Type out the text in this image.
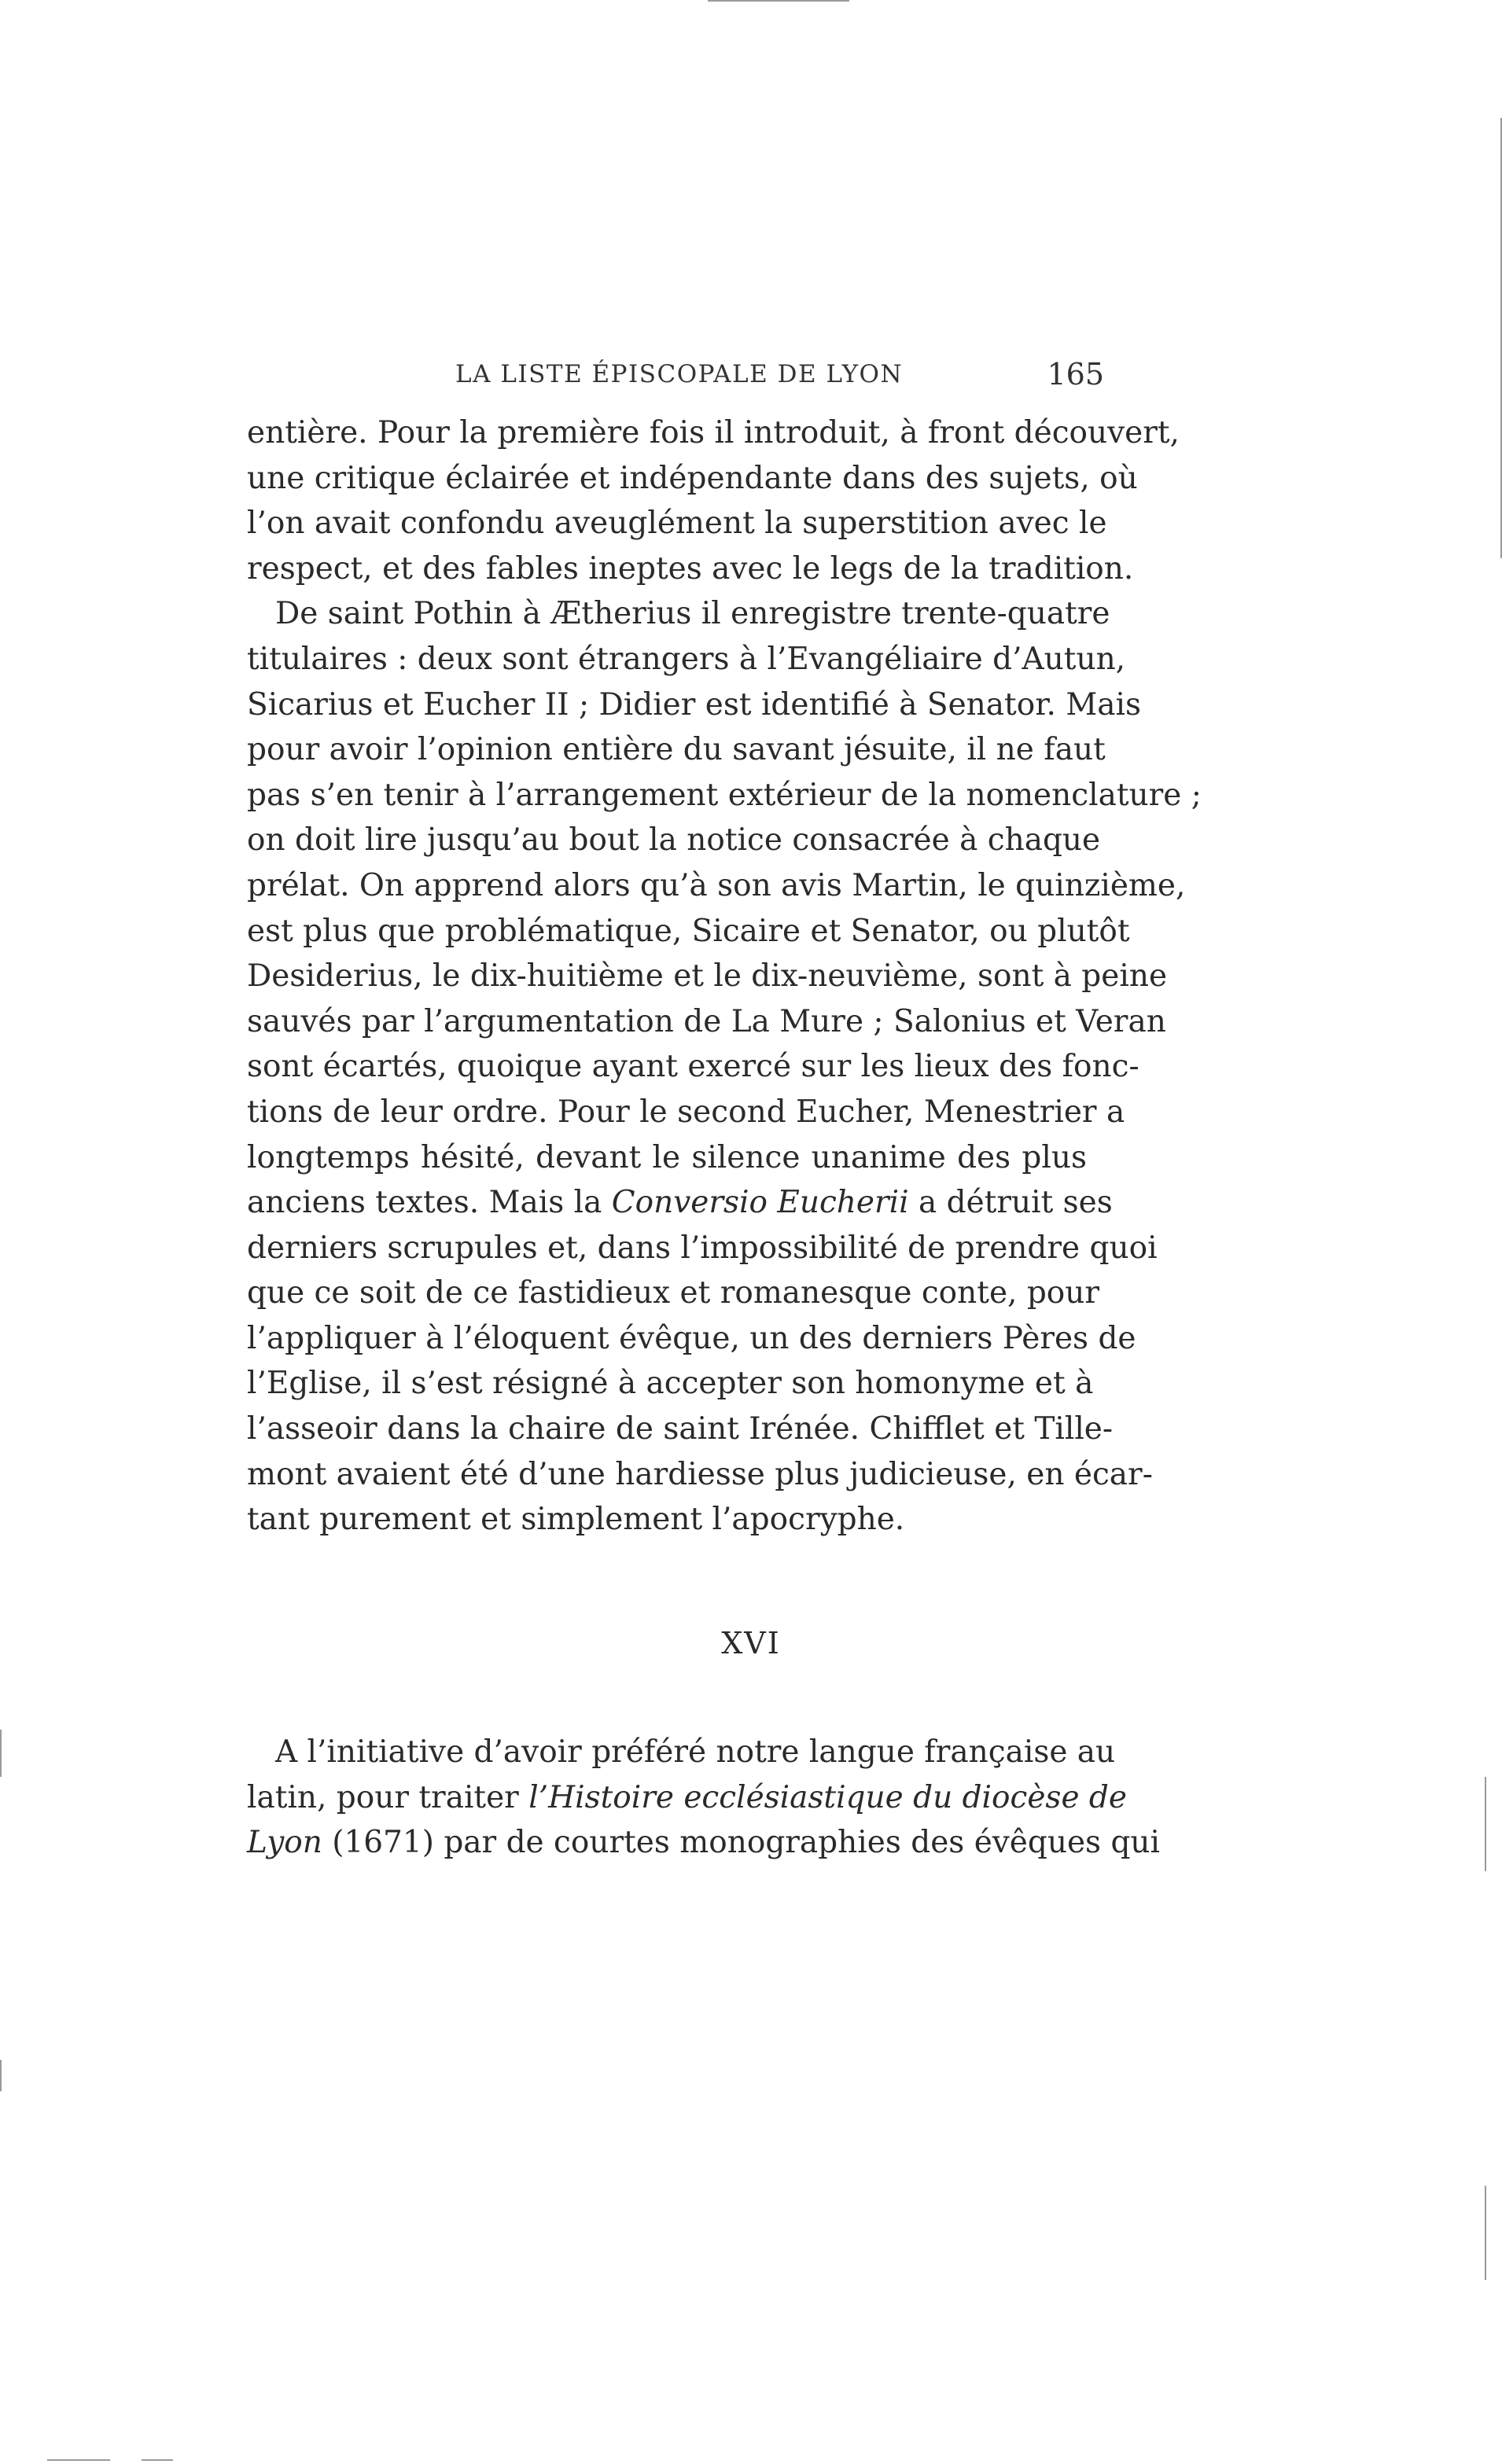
LA LISTE ÉPISCOPALE DE LYON	165
entière. Pour la première fois il introduit, à front découvert,
une critique éclairée et indépendante dans des sujets, où
l’on avait confondu aveuglément la superstition avec le
respect, et des fables ineptes avec le legs de la tradition.
De saint Pothin à Ætherius il enregistre trente-quatre
titulaires : deux sont étrangers à l’Evangéliaire d’Autun,
Sicarius et Eucher II ; Didier est identifié à Senator. Mais
pour avoir l’opinion entière du savant jésuite, il ne faut
pas s’en tenir à l’arrangement extérieur de la nomenclature ;
on doit lire jusqu’au bout la notice consacrée à chaque
prélat. On apprend alors qu’à son avis Martin, le quinzième,
est plus que problématique, Sicaire et Senator, ou plutôt
Desiderius, le dix-huitième et le dix-neuvième, sont à peine
sauvés par l’argumentation de La Mure ; Salonius et Veran
sont écartés, quoique ayant exercé sur les lieux des fonc-
tions de leur ordre. Pour le second Eucher, Menestrier a
longtemps hésité, devant le silence unanime des plus
anciens textes. Mais la Conversio Eucherii a détruit ses
derniers scrupules et, dans l’impossibilité de prendre quoi
que ce soit de ce fastidieux et romanesque conte, pour
l’appliquer à l’éloquent évêque, un des derniers Pères de
l’Eglise, il s’est résigné à accepter son homonyme et à
l’asseoir dans la chaire de saint Irénée. Chifflet et Tille-
mont avaient été d’une hardiesse plus judicieuse, en écar-
tant purement et simplement l’apocryphe.
XVI
A l’initiative d’avoir préféré notre langue française au
latin, pour traiter l’Histoire ecclésiastique du diocèse de
Lyon (1671) par de courtes monographies des évêques qui
